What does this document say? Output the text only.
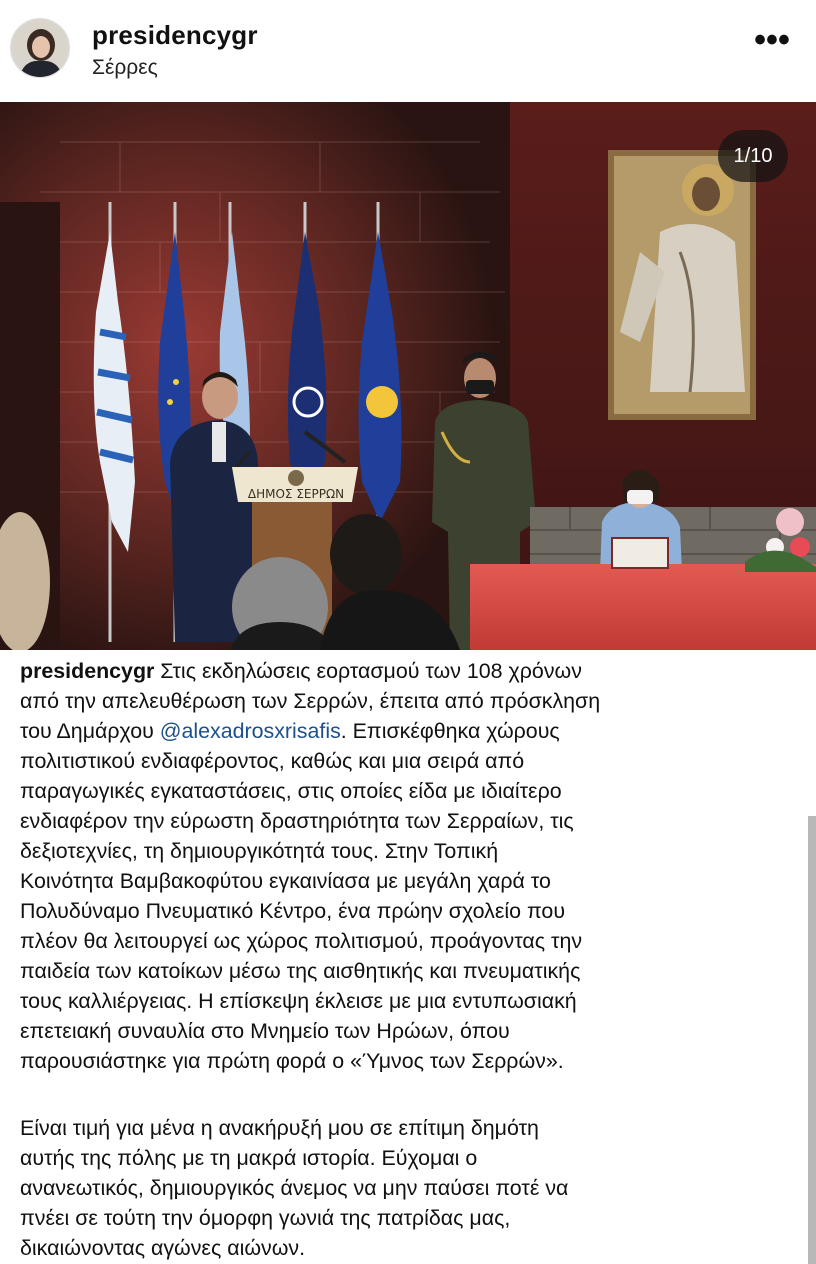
presidencygr
Σέρρες
•••
ΔΗΜΟΣ ΣΕΡΡΩΝ
1/10
presidencygr Στις εκδηλώσεις εορτασμού των 108 χρόνων
από την απελευθέρωση των Σερρών, έπειτα από πρόσκληση
του Δημάρχου @alexadrosxrisafis. Επισκέφθηκα χώρους
πολιτιστικού ενδιαφέροντος, καθώς και μια σειρά από
παραγωγικές εγκαταστάσεις, στις οποίες είδα με ιδιαίτερο
ενδιαφέρον την εύρωστη δραστηριότητα των Σερραίων, τις
δεξιοτεχνίες, τη δημιουργικότητά τους. Στην Τοπική
Κοινότητα Βαμβακοφύτου εγκαινίασα με μεγάλη χαρά το
Πολυδύναμο Πνευματικό Κέντρο, ένα πρώην σχολείο που
πλέον θα λειτουργεί ως χώρος πολιτισμού, προάγοντας την
παιδεία των κατοίκων μέσω της αισθητικής και πνευματικής
τους καλλιέργειας. Η επίσκεψη έκλεισε με μια εντυπωσιακή
επετειακή συναυλία στο Μνημείο των Ηρώων, όπου
παρουσιάστηκε για πρώτη φορά ο «Ύμνος των Σερρών».
Είναι τιμή για μένα η ανακήρυξή μου σε επίτιμη δημότη
αυτής της πόλης με τη μακρά ιστορία. Εύχομαι ο
ανανεωτικός, δημιουργικός άνεμος να μην παύσει ποτέ να
πνέει σε τούτη την όμορφη γωνιά της πατρίδας μας,
δικαιώνοντας αγώνες αιώνων.
